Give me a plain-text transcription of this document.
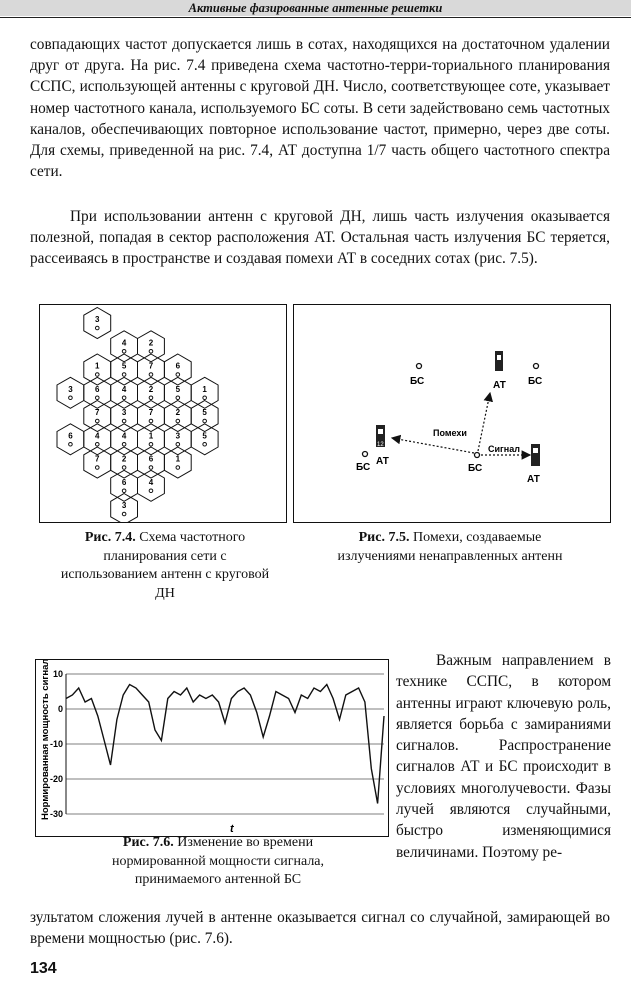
Активные фазированные антенные решетки

совпадающих частот допускается лишь в сотах, находящихся на достаточном удалении друг от друга. На рис. 7.4 приведена схема частотно-терри-ториального планирования ССПС, использующей антенны с круговой ДН. Число, соответствующее соте, указывает номер частотного канала, используемого БС соты. В сети задействовано семь частотных каналов, обеспечивающих повторное использование частот, примерно, через две соты. Для схемы, приведенной на рис. 7.4, АТ доступна 1/7 часть общего частотного спектра сети.

При использовании антенн с круговой ДН, лишь часть излучения оказывается полезной, попадая в сектор расположения АТ. Остальная часть излучения БС теряется, рассеиваясь в пространстве и создавая помехи АТ в соседних сотах (рис. 7.5).

3
4	2
1	5	7	6
3	6	4	2	5	1
7	3	7	2	5
6	4	4	1	3	5
7	2	6	1
6	4
3
БС	БС
БС	БС
АТ
12
АТ
АТ
Помехи
Сигнал

Рис. 7.4. Схема частотного планирования сети с использованием антенн с круговой ДН

Рис. 7.5. Помехи, создаваемые излучениями ненаправленных антенн

Нормированная мощность сигнала, дБ
t
10
0
-10
-20
-30

Рис. 7.6. Изменение во времени нормированной мощности сигнала, принимаемого антенной БС

Важным направлением в технике ССПС, в котором антенны играют ключевую роль, является борьба с замираниями сигналов. Распространение сигналов АТ и БС происходит в условиях многолучевости. Фазы лучей являются случайными, быстро изменяющимися величинами. Поэтому ре-

зультатом сложения лучей в антенне оказывается сигнал со случайной, замирающей во времени мощностью (рис. 7.6).

134
